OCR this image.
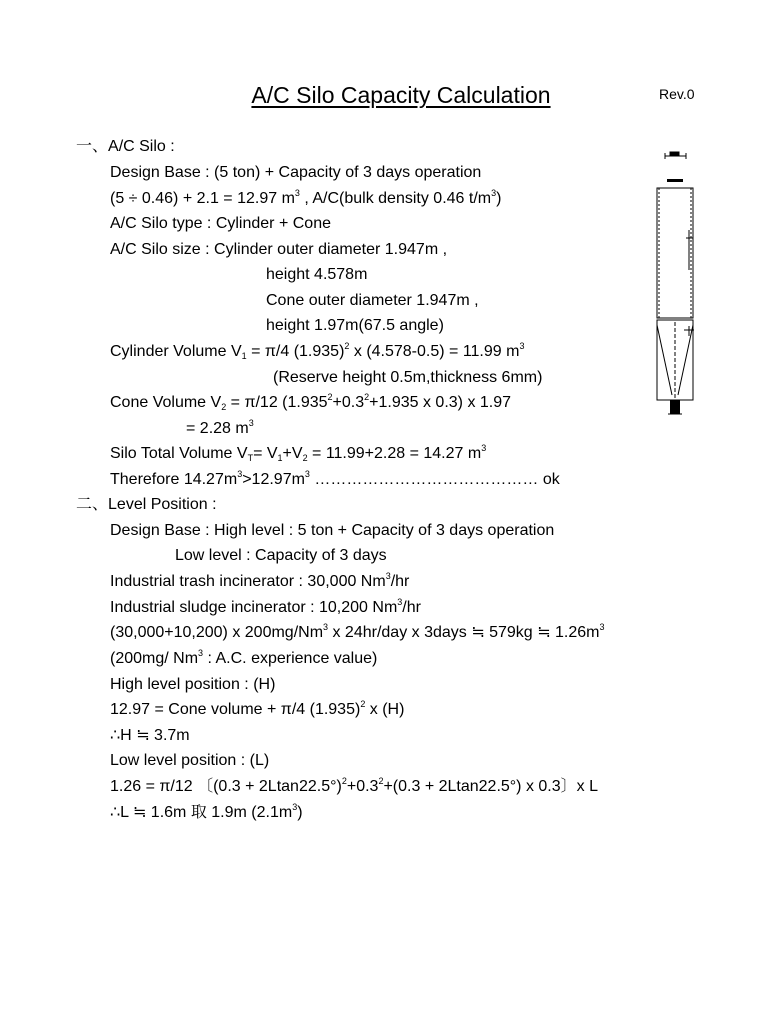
A/C Silo Capacity Calculation	Rev.0
一、A/C Silo :
Design Base : (5 ton) + Capacity of 3 days operation
(5 ÷ 0.46) + 2.1 = 12.97 $m^3$ , A/C(bulk density 0.46 $t/m^3$)
A/C Silo type : Cylinder + Cone
A/C Silo size : Cylinder outer diameter 1.947m ,
height 4.578m
Cone outer diameter 1.947m ,
height 1.97m(67.5 angle)
Cylinder Volume $V_1 = \pi/4$ $(1.935)^2$ x (4.578-0.5) = 11.99 $m^3$
(Reserve height 0.5m,thickness 6mm)
Cone Volume $V_2 = \pi/12$ ($1.935^2+0.3^2+1.935$ x 0.3) x 1.97
= 2.28 $m^3$
Silo Total Volume $V_T= V_1+V_2 = 11.99+2.28 = 14.27$ $m^3$
Therefore $14.27m^3>12.97m^3$ …………………………………… ok
二、Level Position :
Design Base : High level : 5 ton + Capacity of 3 days operation
Low level : Capacity of 3 days
Industrial trash incinerator : 30,000 Nm$^3$/hr
Industrial sludge incinerator : 10,200 Nm$^3$/hr
(30,000+10,200) x 200mg/Nm$^3$ x 24hr/day x 3days ≒ 579kg ≒ $1.26m^3$
(200mg/ Nm$^3$ : A.C. experience value)
High level position : (H)
12.97 = Cone volume + π/4 $(1.935)^2$ x (H)
∴H ≒ 3.7m
Low level position : (L)
1.26 = π/12 〔$(0.3 + 2Ltan22.5^\circ)^2+0.3^2+(0.3 + 2Ltan22.5^\circ)$ x 0.3〕x L
∴L ≒ 1.6m 取 1.9m $(2.1m^3)$
